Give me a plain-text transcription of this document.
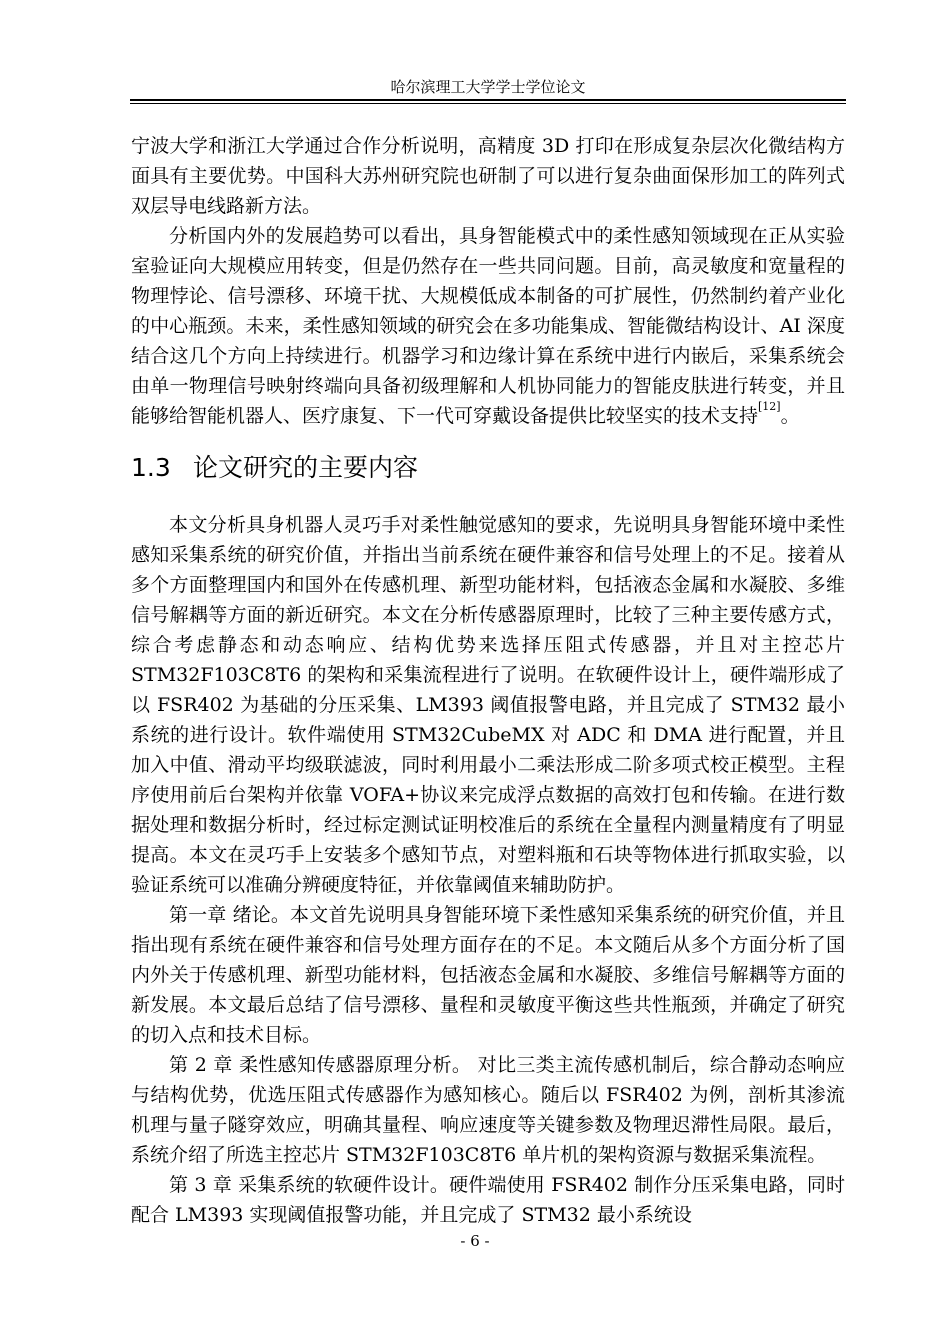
哈尔滨理工大学学士学位论文

宁波大学和浙江大学通过合作分析说明，高精度 3D 打印在形成复杂层次化微结构方面具有主要优势。中国科大苏州研究院也研制了可以进行复杂曲面保形加工的阵列式双层导电线路新方法。

分析国内外的发展趋势可以看出，具身智能模式中的柔性感知领域现在正从实验室验证向大规模应用转变，但是仍然存在一些共同问题。目前，高灵敏度和宽量程的物理悖论、信号漂移、环境干扰、大规模低成本制备的可扩展性，仍然制约着产业化的中心瓶颈。未来，柔性感知领域的研究会在多功能集成、智能微结构设计、AI 深度结合这几个方向上持续进行。机器学习和边缘计算在系统中进行内嵌后，采集系统会由单一物理信号映射终端向具备初级理解和人机协同能力的智能皮肤进行转变，并且能够给智能机器人、医疗康复、下一代可穿戴设备提供比较坚实的技术支持[12]。

1.3 论文研究的主要内容

本文分析具身机器人灵巧手对柔性触觉感知的要求，先说明具身智能环境中柔性感知采集系统的研究价值，并指出当前系统在硬件兼容和信号处理上的不足。接着从多个方面整理国内和国外在传感机理、新型功能材料，包括液态金属和水凝胶、多维信号解耦等方面的新近研究。本文在分析传感器原理时，比较了三种主要传感方式，综合考虑静态和动态响应、结构优势来选择压阻式传感器，并且对主控芯片 STM32F103C8T6 的架构和采集流程进行了说明。在软硬件设计上，硬件端形成了以 FSR402 为基础的分压采集、LM393 阈值报警电路，并且完成了 STM32 最小系统的进行设计。软件端使用 STM32CubeMX 对 ADC 和 DMA 进行配置，并且加入中值、滑动平均级联滤波，同时利用最小二乘法形成二阶多项式校正模型。主程序使用前后台架构并依靠 VOFA+协议来完成浮点数据的高效打包和传输。在进行数据处理和数据分析时，经过标定测试证明校准后的系统在全量程内测量精度有了明显提高。本文在灵巧手上安装多个感知节点，对塑料瓶和石块等物体进行抓取实验，以验证系统可以准确分辨硬度特征，并依靠阈值来辅助防护。

第一章 绪论。本文首先说明具身智能环境下柔性感知采集系统的研究价值，并且指出现有系统在硬件兼容和信号处理方面存在的不足。本文随后从多个方面分析了国内外关于传感机理、新型功能材料，包括液态金属和水凝胶、多维信号解耦等方面的新发展。本文最后总结了信号漂移、量程和灵敏度平衡这些共性瓶颈，并确定了研究的切入点和技术目标。

第 2 章 柔性感知传感器原理分析。 对比三类主流传感机制后，综合静动态响应与结构优势，优选压阻式传感器作为感知核心。随后以 FSR402 为例，剖析其渗流机理与量子隧穿效应，明确其量程、响应速度等关键参数及物理迟滞性局限。最后，系统介绍了所选主控芯片 STM32F103C8T6 单片机的架构资源与数据采集流程。

第 3 章 采集系统的软硬件设计。硬件端使用 FSR402 制作分压采集电路，同时配合 LM393 实现阈值报警功能，并且完成了 STM32 最小系统设

- 6 -
